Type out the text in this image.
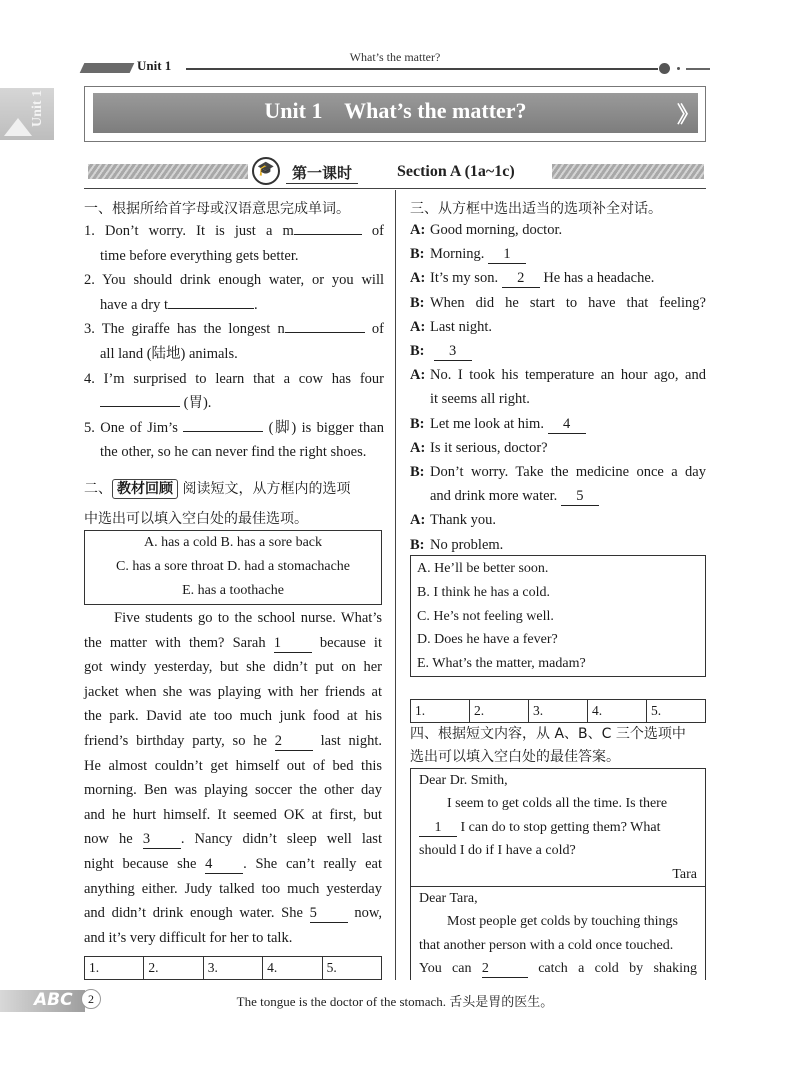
What’s the matter?
Unit 1
Unit 1	Unit 1    What’s the matter?	》
🎓	第一课时	Section A (1a~1c)
一、根据所给首字母或汉语意思完成单词。
1. Don’t worry. It is just a m	of
time before everything gets better.
2. You should drink enough water, or you will
have a dry t	.
3. The giraffe has the longest n	of
all land (陆地) animals.
4. I’m surprised to learn that a cow has four
(胃).
5. One of Jim’s	(脚) is bigger than
the other, so he can never find the right shoes.
二、 教材回顾 阅读短文，从方框内的选项
中选出可以填入空白处的最佳选项。
A. has a cold B. has a sore back
C. has a sore throat D. had a stomachache
E. has a toothache
Five students go to the school nurse. What’s
the matter with them? Sarah 1 because it
got windy yesterday, but she didn’t put on her
jacket when she was playing with her friends at
the park. David ate too much junk food at his
friend’s birthday party, so he 2 last night.
He almost couldn’t get himself out of bed this
morning. Ben was playing soccer the other day
and he hurt himself. It seemed OK at first, but
now he 3 . Nancy didn’t sleep well last
night because she 4 . She can’t really eat
anything either. Judy talked too much yesterday
and didn’t drink enough water. She 5 now,
and it’s very difficult for her to talk.
1.	2.	3.	4.	5.
三、从方框中选出适当的选项补全对话。
A: Good morning, doctor.
B: Morning. 1
A: It’s my son. 2 He has a headache.
B: When did he start to have that feeling?
A: Last night.
B: 3
A: No. I took his temperature an hour ago, and
it seems all right.
B: Let me look at him. 4
A: Is it serious, doctor?
B: Don’t worry. Take the medicine once a day
and drink more water. 5
A: Thank you.
B: No problem.
A. He’ll be better soon.
B. I think he has a cold.
C. He’s not feeling well.
D. Does he have a fever?
E. What’s the matter, madam?
1.	2.	3.	4.	5.
四、根据短文内容，从 A、B、C 三个选项中
选出可以填入空白处的最佳答案。
Dear Dr. Smith,
I seem to get colds all the time. Is there
1 I can do to stop getting them? What
should I do if I have a cold?
Tara
Dear Tara,
Most people get colds by touching things
that another person with a cold once touched.
You can 2	catch a cold by shaking
ABC	2	The tongue is the doctor of the stomach. 舌头是胃的医生。
